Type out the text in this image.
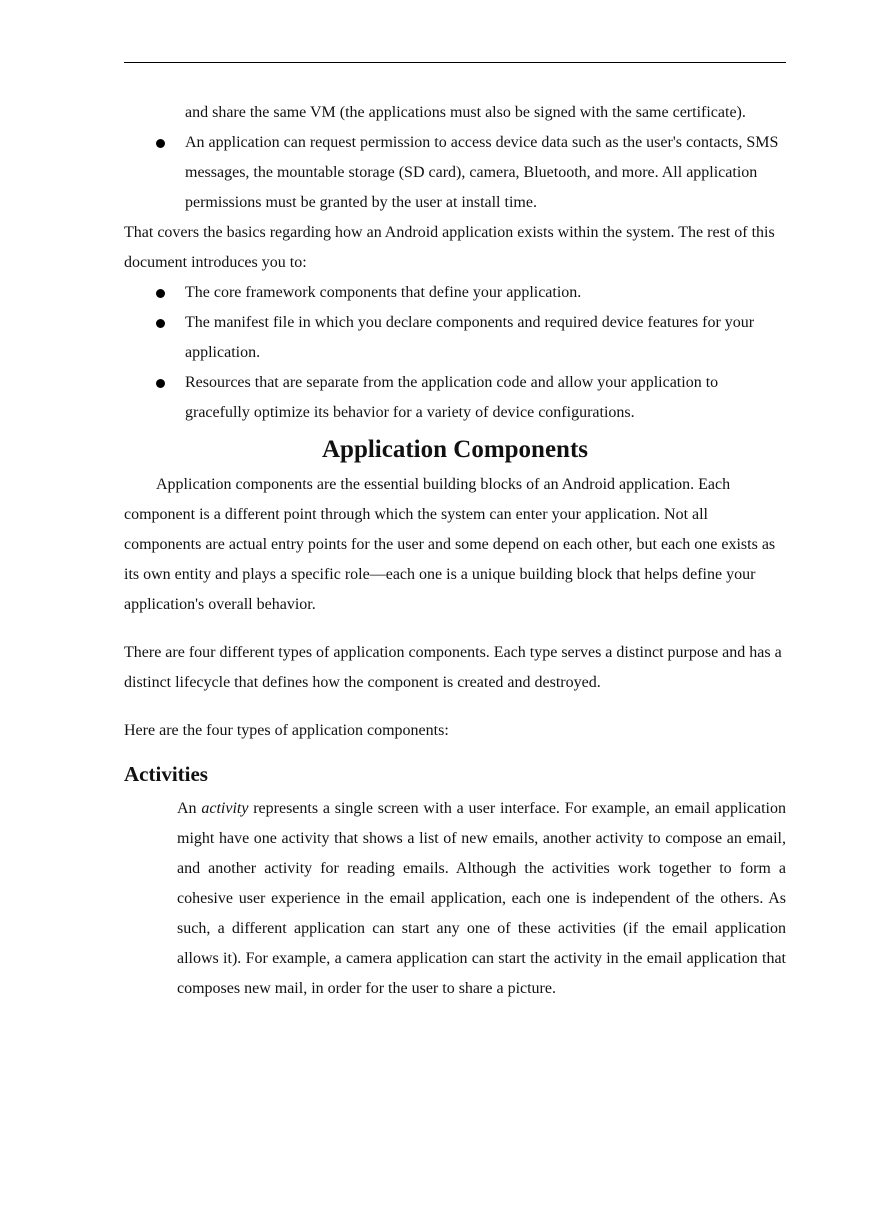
and share the same VM (the applications must also be signed with the same certificate).

An application can request permission to access device data such as the user's contacts, SMS messages, the mountable storage (SD card), camera, Bluetooth, and more. All application permissions must be granted by the user at install time.

That covers the basics regarding how an Android application exists within the system. The rest of this document introduces you to:

The core framework components that define your application.
The manifest file in which you declare components and required device features for your application.
Resources that are separate from the application code and allow your application to gracefully optimize its behavior for a variety of device configurations.
Application Components

Application components are the essential building blocks of an Android application. Each component is a different point through which the system can enter your application. Not all components are actual entry points for the user and some depend on each other, but each one exists as its own entity and plays a specific role—each one is a unique building block that helps define your application's overall behavior.

There are four different types of application components. Each type serves a distinct purpose and has a distinct lifecycle that defines how the component is created and destroyed.

Here are the four types of application components:

Activities

An activity represents a single screen with a user interface. For example, an email application might have one activity that shows a list of new emails, another activity to compose an email, and another activity for reading emails. Although the activities work together to form a cohesive user experience in the email application, each one is independent of the others. As such, a different application can start any one of these activities (if the email application allows it). For example, a camera application can start the activity in the email application that composes new mail, in order for the user to share a picture.
